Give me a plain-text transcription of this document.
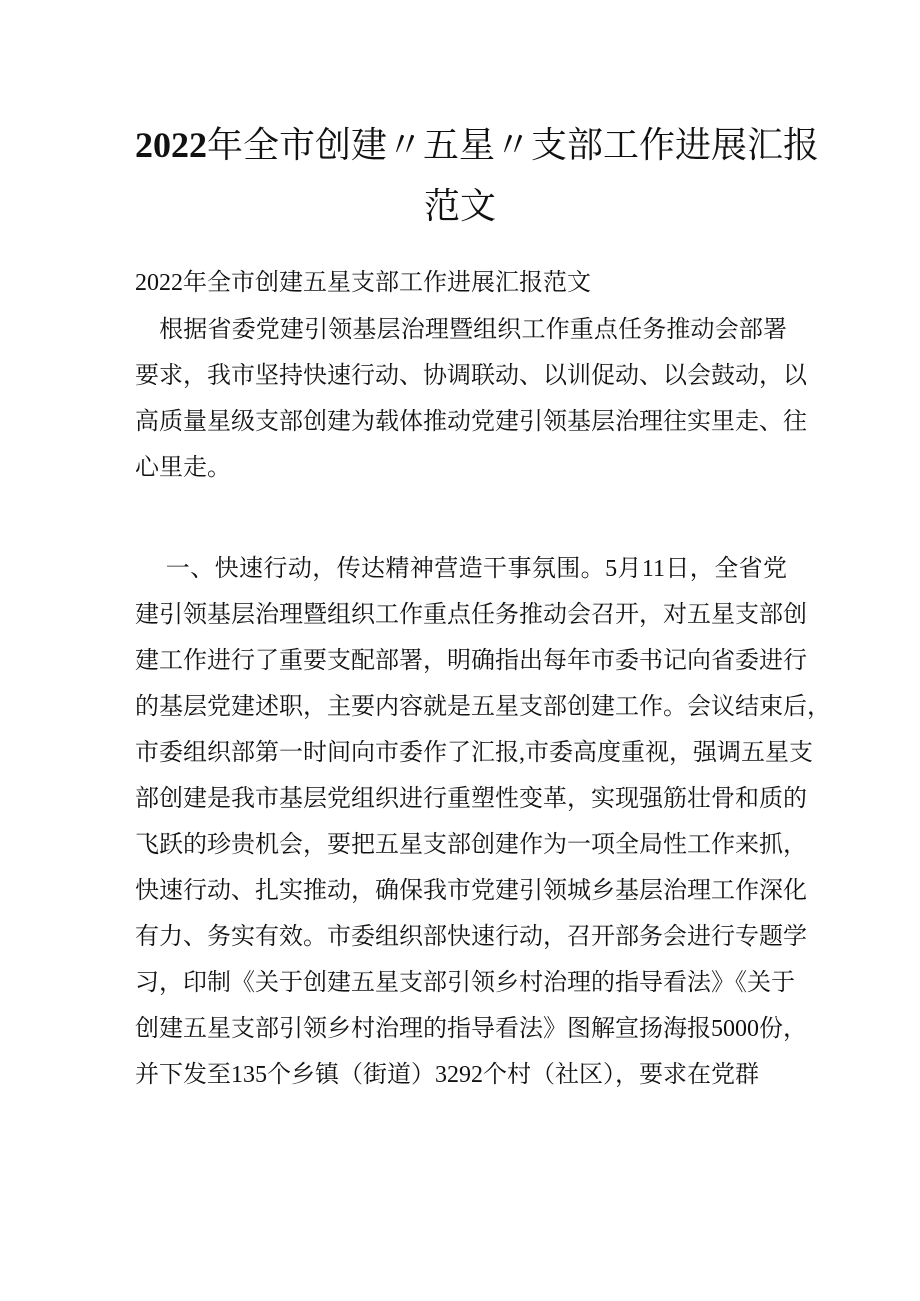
2022年全市创建〃五星〃支部工作进展汇报
范文
2022年全市创建五星支部工作进展汇报范文
　根据省委党建引领基层治理暨组织工作重点任务推动会部署
要求，我市坚持快速行动、协调联动、以训促动、以会鼓动，以
高质量星级支部创建为载体推动党建引领基层治理往实里走、往
心里走。
　 一、快速行动，传达精神营造干事氛围。5月11日，全省党
建引领基层治理暨组织工作重点任务推动会召开，对五星支部创
建工作进行了重要支配部署，明确指出每年市委书记向省委进行
的基层党建述职，主要内容就是五星支部创建工作。会议结束后，
市委组织部第一时间向市委作了汇报,市委高度重视，强调五星支
部创建是我市基层党组织进行重塑性变革，实现强筋壮骨和质的
飞跃的珍贵机会，要把五星支部创建作为一项全局性工作来抓，
快速行动、扎实推动，确保我市党建引领城乡基层治理工作深化
有力、务实有效。市委组织部快速行动，召开部务会进行专题学
习，印制《关于创建五星支部引领乡村治理的指导看法》《关于
创建五星支部引领乡村治理的指导看法》图解宣扬海报5000份，
并下发至135个乡镇（街道）3292个村（社区），要求在党群
